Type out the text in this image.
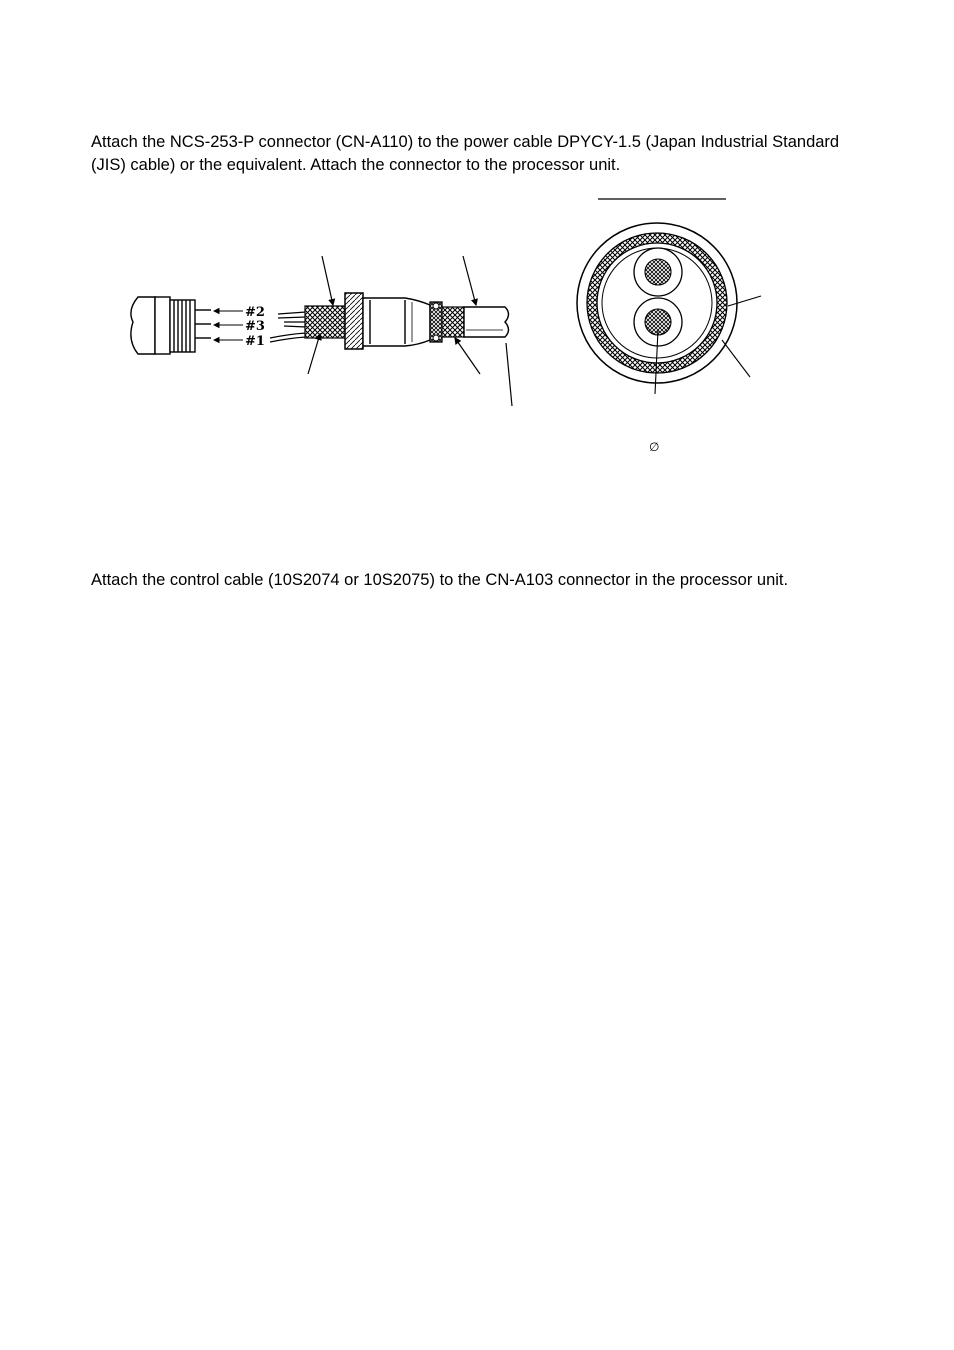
Attach the NCS-253-P connector (CN-A110) to the power cable DPYCY-1.5 (Japan Industrial Standard (JIS) cable) or the equivalent. Attach the connector to the processor unit.

#2
#3
#1
∅

Attach the control cable (10S2074 or 10S2075) to the CN-A103 connector in the processor unit.
